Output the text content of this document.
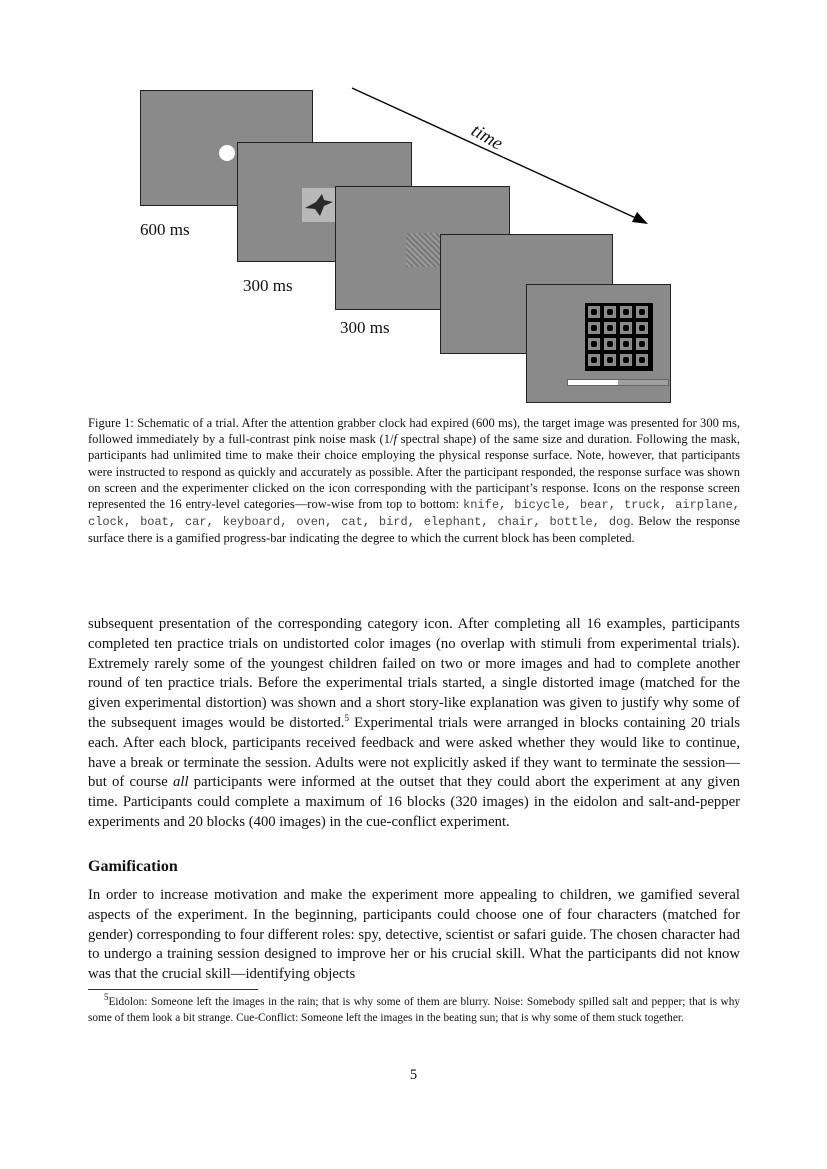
time
600 ms
300 ms
300 ms
Figure 1: Schematic of a trial. After the attention grabber clock had expired (600 ms), the target image was presented for 300 ms, followed immediately by a full-contrast pink noise mask (1/f spectral shape) of the same size and duration. Following the mask, participants had unlimited time to make their choice employing the physical response surface. Note, however, that participants were instructed to respond as quickly and accurately as possible. After the participant responded, the response surface was shown on screen and the experimenter clicked on the icon corresponding with the participant’s response. Icons on the response screen represented the 16 entry-level categories—row-wise from top to bottom: knife, bicycle, bear, truck, airplane, clock, boat, car, keyboard, oven, cat, bird, elephant, chair, bottle, dog. Below the response surface there is a gamified progress-bar indicating the degree to which the current block has been completed.
subsequent presentation of the corresponding category icon. After completing all 16 examples, participants completed ten practice trials on undistorted color images (no overlap with stimuli from experimental trials). Extremely rarely some of the youngest children failed on two or more images and had to complete another round of ten practice trials. Before the experimental trials started, a single distorted image (matched for the given experimental distortion) was shown and a short story-like explanation was given to justify why some of the subsequent images would be distorted.$^5$ Experimental trials were arranged in blocks containing 20 trials each. After each block, participants received feedback and were asked whether they would like to continue, have a break or terminate the session. Adults were not explicitly asked if they want to terminate the session—but of course all participants were informed at the outset that they could abort the experiment at any given time. Participants could complete a maximum of 16 blocks (320 images) in the eidolon and salt-and-pepper experiments and 20 blocks (400 images) in the cue-conflict experiment.
Gamification
In order to increase motivation and make the experiment more appealing to children, we gamified several aspects of the experiment. In the beginning, participants could choose one of four characters (matched for gender) corresponding to four different roles: spy, detective, scientist or safari guide. The chosen character had to undergo a training session designed to improve her or his crucial skill. What the participants did not know was that the crucial skill—identifying objects
$^5$Eidolon: Someone left the images in the rain; that is why some of them are blurry. Noise: Somebody spilled salt and pepper; that is why some of them look a bit strange. Cue-Conflict: Someone left the images in the beating sun; that is why some of them stuck together.
5
